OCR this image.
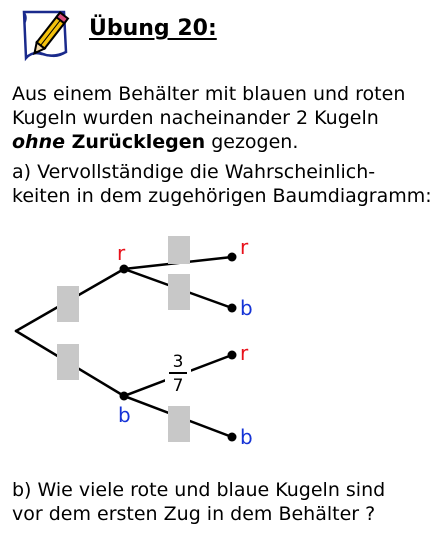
Übung 20:
Aus einem Behälter mit blauen und roten
Kugeln wurden nacheinander 2 Kugeln
ohne Zurücklegen gezogen.
a) Vervollständige die Wahrscheinlich-
keiten in dem zugehörigen Baumdiagramm:
3
7
r
b
r
b
r
b
b) Wie viele rote und blaue Kugeln sind
vor dem ersten Zug in dem Behälter ?
